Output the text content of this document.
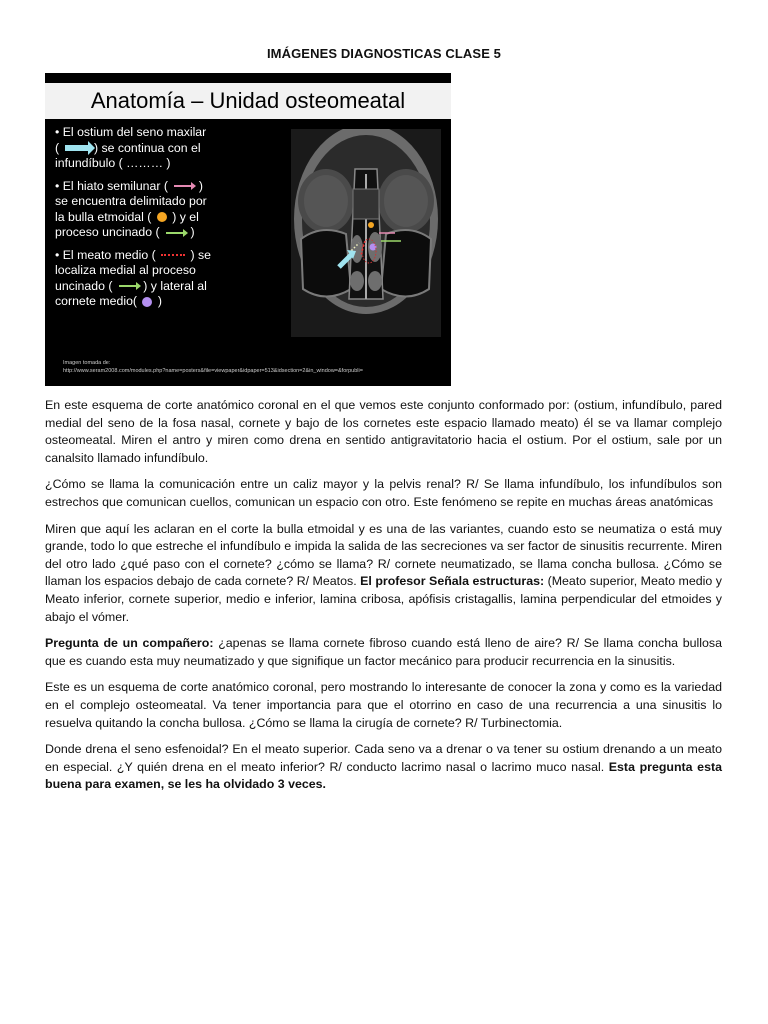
IMÁGENES DIAGNOSTICAS CLASE 5
Anatomía – Unidad osteomeatal
• El ostium del seno maxilar
(	) se continua con el
infundíbulo ( ……… )
• El hiato semilunar (	)
se encuentra delimitado por
la bulla etmoidal ( ) y el
proceso uncinado (	)
• El meato medio (	) se
localiza medial al proceso
uncinado (	) y lateral al
cornete medio( )
Imagen tomada de:
http://www.seram2008.com/modules.php?name=posters&file=viewpaper&idpaper=513&idsection=2&in_window=&forpubli=

En este esquema de corte anatómico coronal en el que vemos este conjunto conformado por: (ostium, infundíbulo, pared medial del seno de la fosa nasal, cornete y bajo de los cornetes este espacio llamado meato) él se va llamar complejo osteomeatal. Miren el antro y miren como drena en sentido antigravitatorio hacia el ostium. Por el ostium, sale por un canalsito llamado infundíbulo.

¿Cómo se llama la comunicación entre un caliz mayor y la pelvis renal? R/ Se llama infundíbulo, los infundíbulos son estrechos que comunican cuellos, comunican un espacio con otro. Este fenómeno se repite en muchas áreas anatómicas

Miren que aquí les aclaran en el corte la bulla etmoidal y es una de las variantes, cuando esto se neumatiza o está muy grande, todo lo que estreche el infundíbulo e impida la salida de las secreciones va ser factor de sinusitis recurrente. Miren del otro lado ¿qué paso con el cornete? ¿cómo se llama? R/ cornete neumatizado, se llama concha bullosa. ¿Cómo se llaman los espacios debajo de cada cornete? R/ Meatos. El profesor Señala estructuras: (Meato superior, Meato medio y Meato inferior, cornete superior, medio e inferior, lamina cribosa, apófisis cristagallis, lamina perpendicular del etmoides y abajo el vómer.

Pregunta de un compañero: ¿apenas se llama cornete fibroso cuando está lleno de aire? R/ Se llama concha bullosa que es cuando esta muy neumatizado y que signifique un factor mecánico para producir recurrencia en la sinusitis.

Este es un esquema de corte anatómico coronal, pero mostrando lo interesante de conocer la zona y como es la variedad en el complejo osteomeatal. Va tener importancia para que el otorrino en caso de una recurrencia a una sinusitis lo resuelva quitando la concha bullosa. ¿Cómo se llama la cirugía de cornete? R/ Turbinectomia.

Donde drena el seno esfenoidal? En el meato superior. Cada seno va a drenar o va tener su ostium drenando a un meato en especial. ¿Y quién drena en el meato inferior? R/ conducto lacrimo nasal o lacrimo muco nasal. Esta pregunta esta buena para examen, se les ha olvidado 3 veces.
